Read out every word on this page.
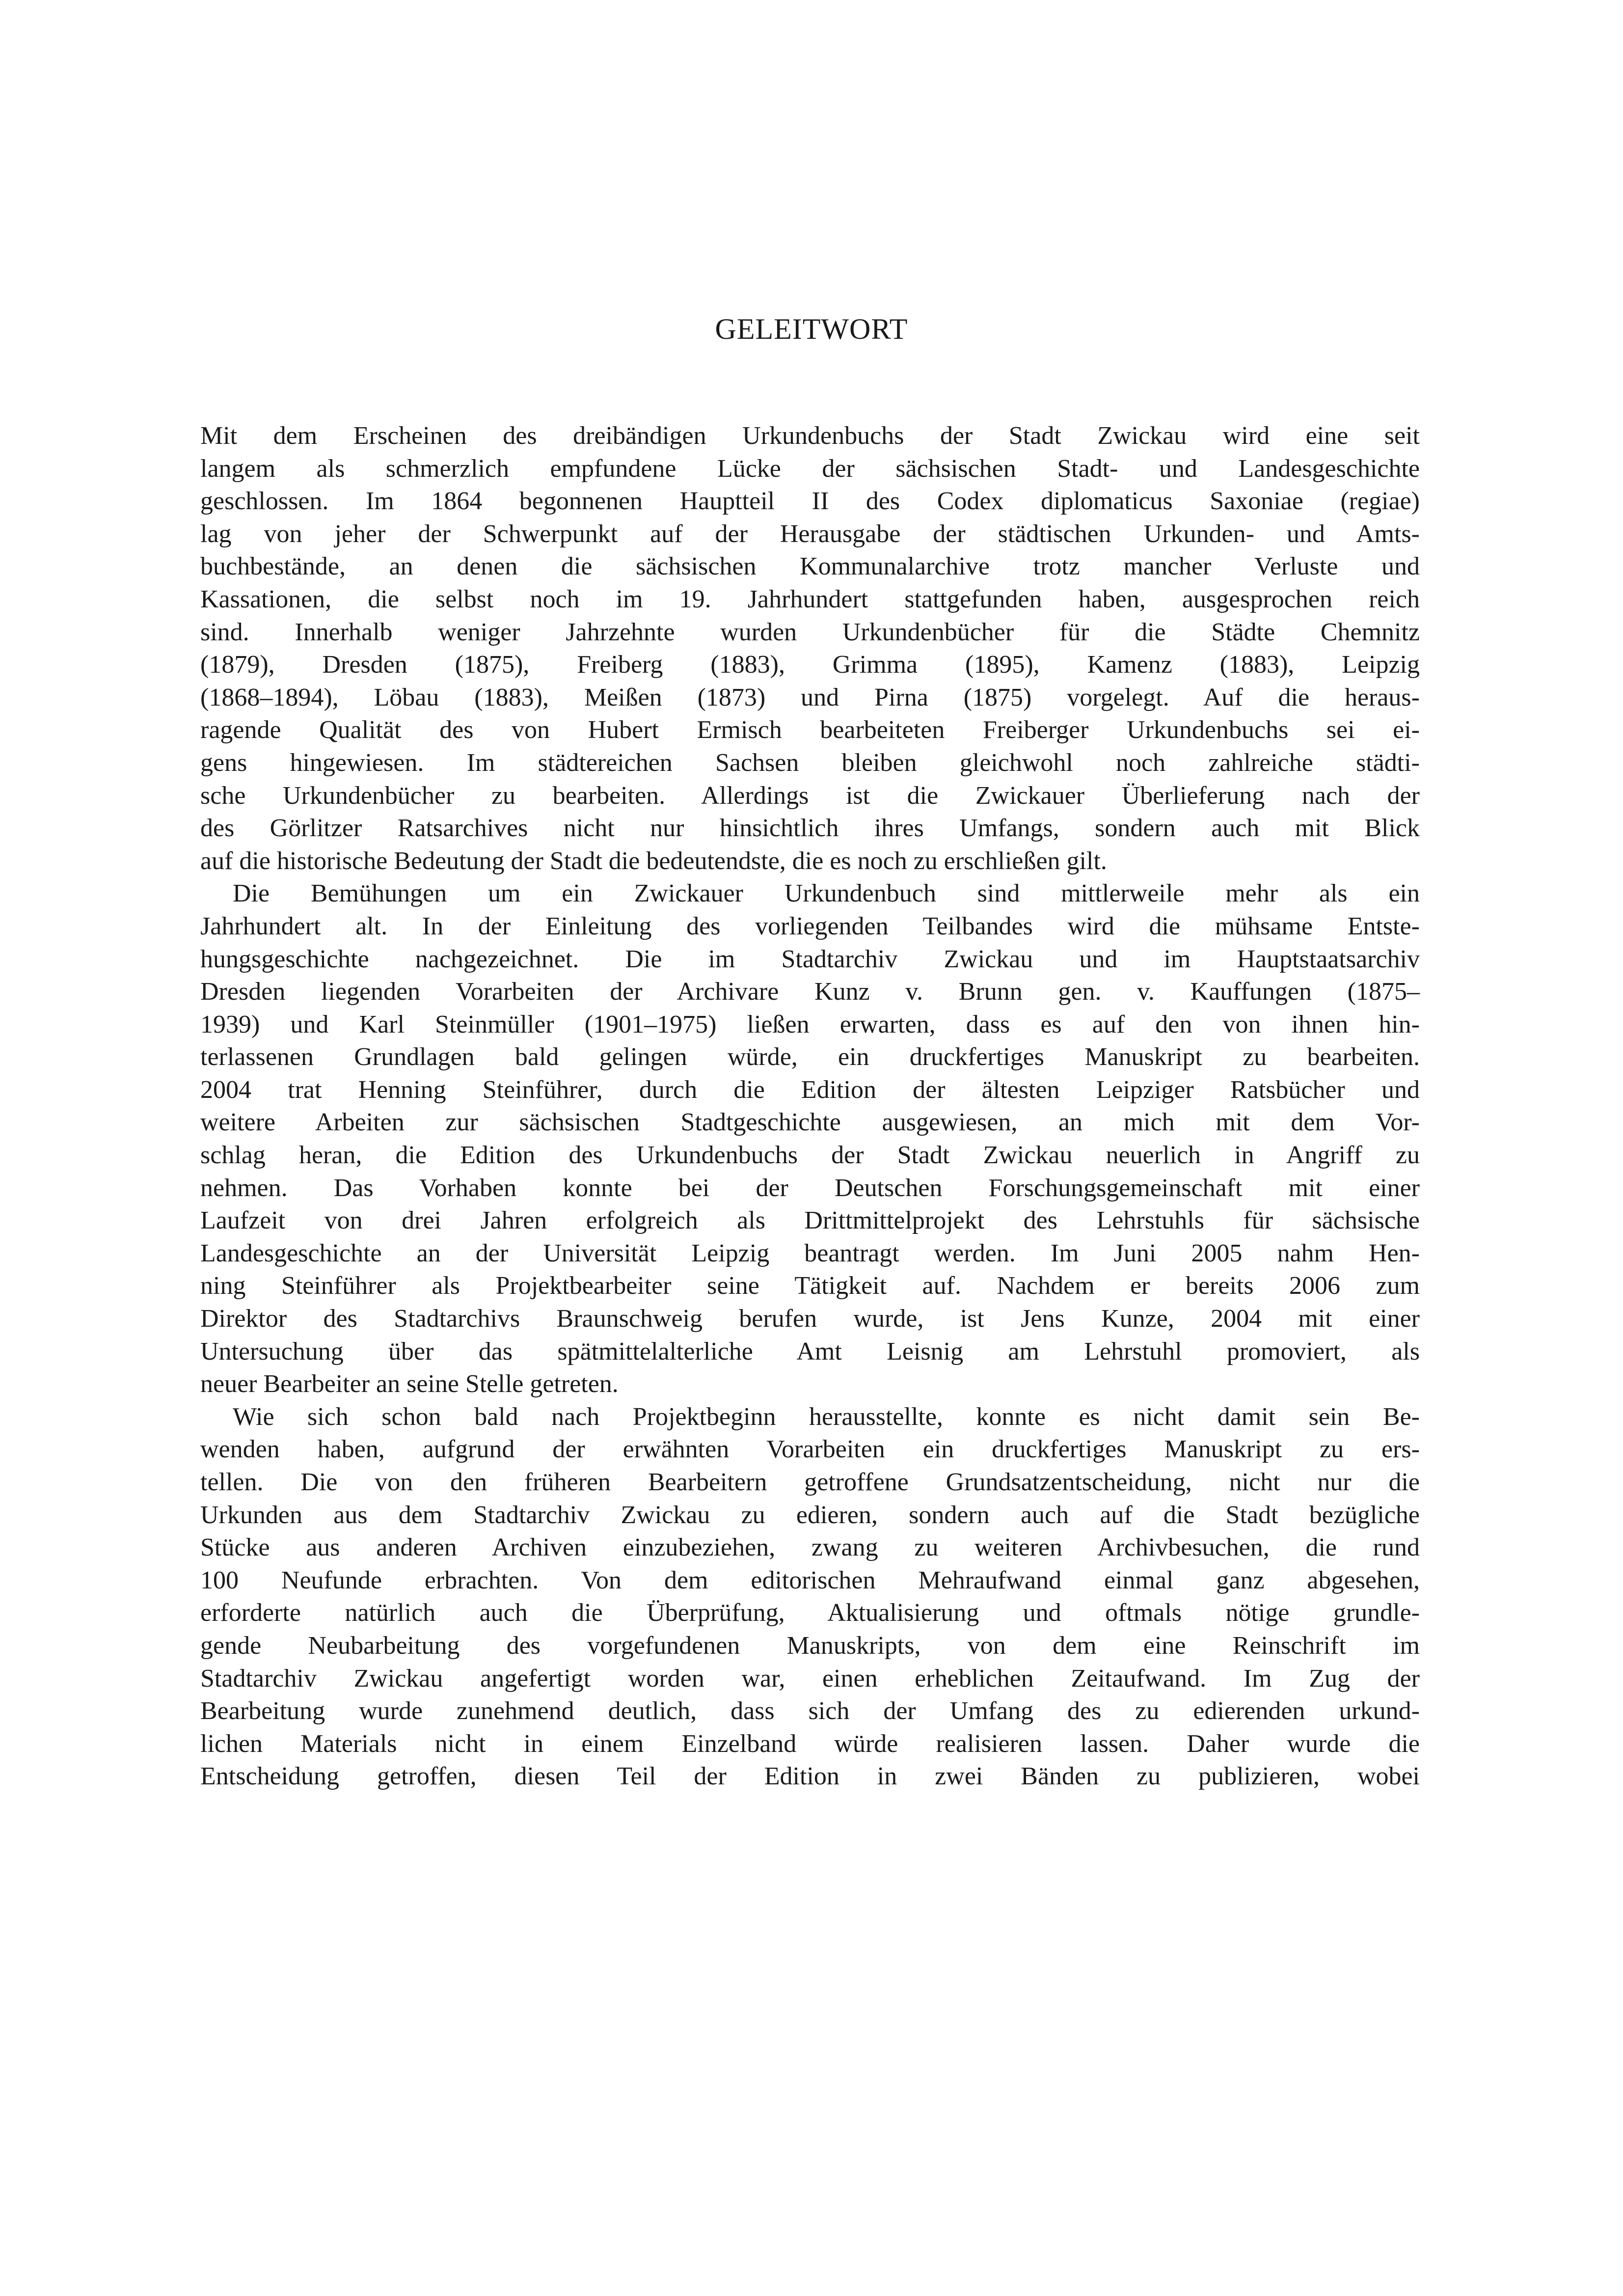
GELEITWORT
Mit dem Erscheinen des dreibändigen Urkundenbuchs der Stadt Zwickau wird eine seit
langem als schmerzlich empfundene Lücke der sächsischen Stadt- und Landesgeschichte
geschlossen. Im 1864 begonnenen Hauptteil II des Codex diplomaticus Saxoniae (regiae)
lag von jeher der Schwerpunkt auf der Herausgabe der städtischen Urkunden- und Amts-
buchbestände, an denen die sächsischen Kommunalarchive trotz mancher Verluste und
Kassationen, die selbst noch im 19. Jahrhundert stattgefunden haben, ausgesprochen reich
sind. Innerhalb weniger Jahrzehnte wurden Urkundenbücher für die Städte Chemnitz
(1879), Dresden (1875), Freiberg (1883), Grimma (1895), Kamenz (1883), Leipzig
(1868–1894), Löbau (1883), Meißen (1873) und Pirna (1875) vorgelegt. Auf die heraus-
ragende Qualität des von Hubert Ermisch bearbeiteten Freiberger Urkundenbuchs sei ei-
gens hingewiesen. Im städtereichen Sachsen bleiben gleichwohl noch zahlreiche städti-
sche Urkundenbücher zu bearbeiten. Allerdings ist die Zwickauer Überlieferung nach der
des Görlitzer Ratsarchives nicht nur hinsichtlich ihres Umfangs, sondern auch mit Blick
auf die historische Bedeutung der Stadt die bedeutendste, die es noch zu erschließen gilt.
Die Bemühungen um ein Zwickauer Urkundenbuch sind mittlerweile mehr als ein
Jahrhundert alt. In der Einleitung des vorliegenden Teilbandes wird die mühsame Entste-
hungsgeschichte nachgezeichnet. Die im Stadtarchiv Zwickau und im Hauptstaatsarchiv
Dresden liegenden Vorarbeiten der Archivare Kunz v. Brunn gen. v. Kauffungen (1875–
1939) und Karl Steinmüller (1901–1975) ließen erwarten, dass es auf den von ihnen hin-
terlassenen Grundlagen bald gelingen würde, ein druckfertiges Manuskript zu bearbeiten.
2004 trat Henning Steinführer, durch die Edition der ältesten Leipziger Ratsbücher und
weitere Arbeiten zur sächsischen Stadtgeschichte ausgewiesen, an mich mit dem Vor-
schlag heran, die Edition des Urkundenbuchs der Stadt Zwickau neuerlich in Angriff zu
nehmen. Das Vorhaben konnte bei der Deutschen Forschungsgemeinschaft mit einer
Laufzeit von drei Jahren erfolgreich als Drittmittelprojekt des Lehrstuhls für sächsische
Landesgeschichte an der Universität Leipzig beantragt werden. Im Juni 2005 nahm Hen-
ning Steinführer als Projektbearbeiter seine Tätigkeit auf. Nachdem er bereits 2006 zum
Direktor des Stadtarchivs Braunschweig berufen wurde, ist Jens Kunze, 2004 mit einer
Untersuchung über das spätmittelalterliche Amt Leisnig am Lehrstuhl promoviert, als
neuer Bearbeiter an seine Stelle getreten.
Wie sich schon bald nach Projektbeginn herausstellte, konnte es nicht damit sein Be-
wenden haben, aufgrund der erwähnten Vorarbeiten ein druckfertiges Manuskript zu ers-
tellen. Die von den früheren Bearbeitern getroffene Grundsatzentscheidung, nicht nur die
Urkunden aus dem Stadtarchiv Zwickau zu edieren, sondern auch auf die Stadt bezügliche
Stücke aus anderen Archiven einzubeziehen, zwang zu weiteren Archivbesuchen, die rund
100 Neufunde erbrachten. Von dem editorischen Mehraufwand einmal ganz abgesehen,
erforderte natürlich auch die Überprüfung, Aktualisierung und oftmals nötige grundle-
gende Neubarbeitung des vorgefundenen Manuskripts, von dem eine Reinschrift im
Stadtarchiv Zwickau angefertigt worden war, einen erheblichen Zeitaufwand. Im Zug der
Bearbeitung wurde zunehmend deutlich, dass sich der Umfang des zu edierenden urkund-
lichen Materials nicht in einem Einzelband würde realisieren lassen. Daher wurde die
Entscheidung getroffen, diesen Teil der Edition in zwei Bänden zu publizieren, wobei
